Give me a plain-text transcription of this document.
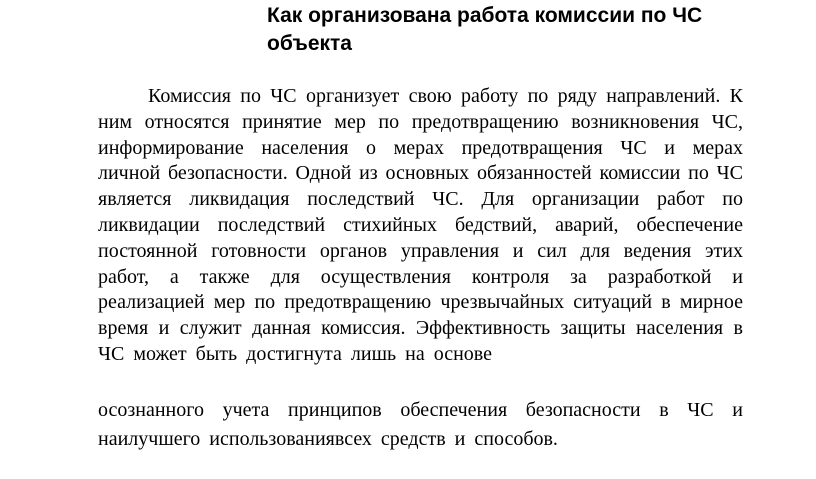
Как организована работа комиссии по ЧС
объекта
Комиссия по ЧС организует свою работу по ряду направлений. К
ним относятся принятие мер по предотвращению возникновения ЧС,
информирование населения о мерах предотвращения ЧС и мерах
личной безопасности. Одной из основных обязанностей комиссии по ЧС
является ликвидация последствий ЧС. Для организации работ по
ликвидации последствий стихийных бедствий, аварий, обеспечение
постоянной готовности органов управления и сил для ведения этих
работ, а также для осуществления контроля за разработкой и
реализацией мер по предотвращению чрезвычайных ситуаций в мирное
время и служит данная комиссия. Эффективность защиты населения в
ЧС может быть достигнута лишь на основе
осознанного учета принципов обеспечения безопасности в ЧС и
наилучшего использованиявсех средств и способов.
